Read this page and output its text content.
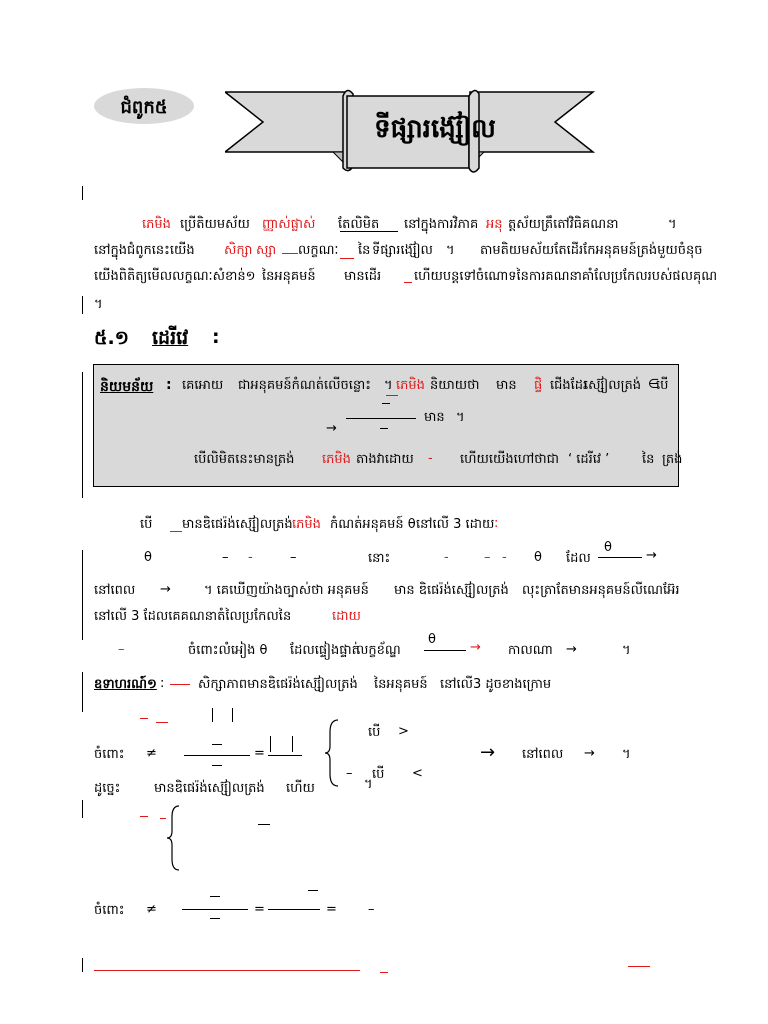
ជំពូក៥
ទីផ្សារង្ស៊ៀល
ភេមិង ប្រើតិយមស័យ ញ្ញាស់ផ្លាស់ តែលិមិត នៅក្នុងការវិភាគ អនុ ត្តស័យត្រឹតៅវិធិគណនា	។
នៅក្នុងជំពូកនេះយើង សិក្សា ស្សា លក្ខណៈ នៃ ទីផ្សារង្ស៊ៀល ។ តាមតិយមស័យតែដើរកែអនុគមន៍ត្រង់មួយចំនុច
យើងពិតិត្យមើលលក្ខណៈសំខាន់១ នៃអនុគមន៍ មានដើរ	ហើយបន្តទៅចំណោទនៃការគណនាគាំលែប្រកែលរបស់ផលគុណ
។
៥.១ ដេរីវេ :
និយមន័យ : គេអោយ ជាអនុគមន៍កំណត់លើចន្លោះ ។ ភេមិង និយាយថា មាន ផ្ទិ ជើងដែរ
ស្ស៊ៀលត្រង់ ∈
បើ
→
មាន ។
បើលិមិតនេះមានត្រង់ ភេមិង តាងវាដោយ - ហើយយើងហៅថាជា ‘ ដេរីវេ ’	នៃ ត្រង់
បើ មានឌិផេរ៉ង់ស្ស៊ៀលត្រង់ ភេមិង កំណត់អនុគមន៍ θ នៅលើ 3 ដោយ :
θ	– -	–	នោះ	-	– - θ ដែល
θ
→
នៅពេល →	។ គេឃើញយ៉ាងច្បាស់ថា អនុគមន៍ មាន ឌិផេរ៉ង់ស្ស៊ៀលត្រង់ លុះត្រាតែមានអនុគមន៍លីណេអ៊ែរ
នៅលើ 3 ដែលគេគណនាតំលៃប្រកែលនៃ	ដោយ
–	ចំពោះលំអៀង θ ដែលផ្ទៀងផ្ទាត់
លក្ខខ័ណ្ឌ
θ
→ កាលណា →	។
ឧទាហរណ៍១ :	សិក្សាភាពមានឌិផេរ៉ង់ស្ស៊ៀលត្រង់ នៃអនុគមន៍ នៅលើ3 ដូចខាងក្រោម
ចំពោះ ≠	=
បើ >
–
។
បើ <
→ នៅពេល → ។
ដូច្នេះ	មានឌិផេរ៉ង់ស្ស៊ៀលត្រង់ ហើយ
ចំពោះ ≠	=	= –
